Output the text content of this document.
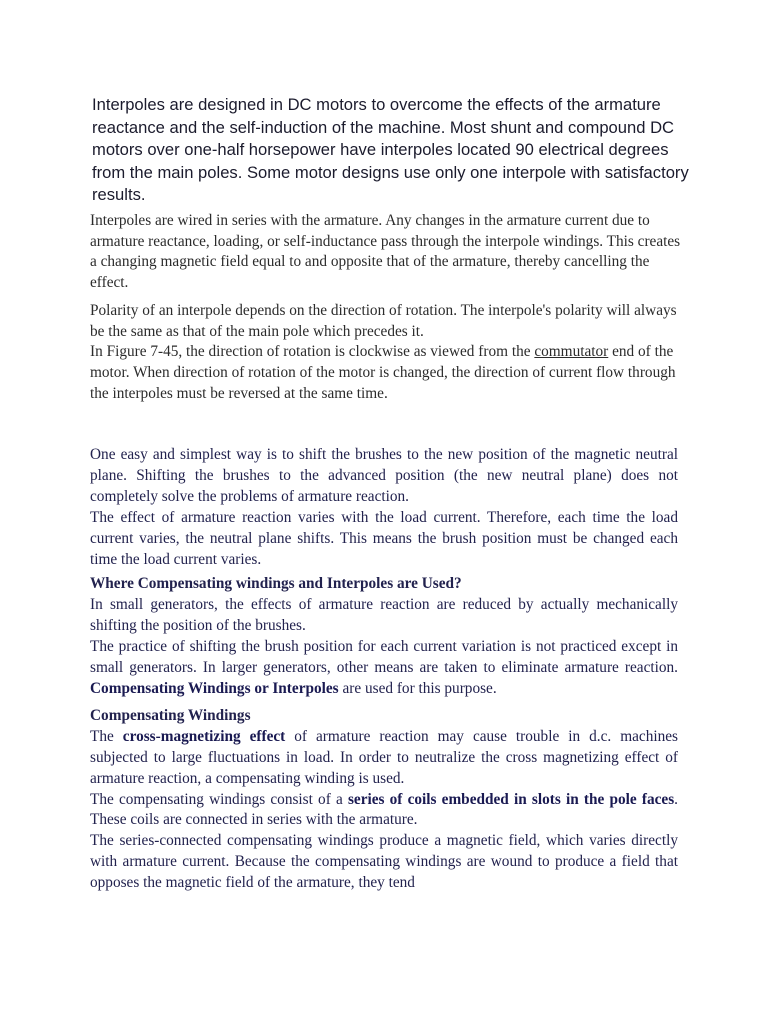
Interpoles are designed in DC motors to overcome the effects of the armature reactance and the self-induction of the machine. Most shunt and compound DC motors over one-half horsepower have interpoles located 90 electrical degrees from the main poles. Some motor designs use only one interpole with satisfactory results.

Interpoles are wired in series with the armature. Any changes in the armature current due to armature reactance, loading, or self-inductance pass through the interpole windings. This creates a changing magnetic field equal to and opposite that of the armature, thereby cancelling the effect.

Polarity of an interpole depends on the direction of rotation. The interpole's polarity will always be the same as that of the main pole which precedes it.

In Figure 7-45, the direction of rotation is clockwise as viewed from the commutator end of the motor. When direction of rotation of the motor is changed, the direction of current flow through the interpoles must be reversed at the same time.

One easy and simplest way is to shift the brushes to the new position of the magnetic neutral plane. Shifting the brushes to the advanced position (the new neutral plane) does not completely solve the problems of armature reaction.

The effect of armature reaction varies with the load current. Therefore, each time the load current varies, the neutral plane shifts. This means the brush position must be changed each time the load current varies.

Where Compensating windings and Interpoles are Used?

In small generators, the effects of armature reaction are reduced by actually mechanically shifting the position of the brushes.

The practice of shifting the brush position for each current variation is not practiced except in small generators. In larger generators, other means are taken to eliminate armature reaction. Compensating Windings or Interpoles are used for this purpose.

Compensating Windings

The cross-magnetizing effect of armature reaction may cause trouble in d.c. machines subjected to large fluctuations in load. In order to neutralize the cross magnetizing effect of armature reaction, a compensating winding is used.

The compensating windings consist of a series of coils embedded in slots in the pole faces. These coils are connected in series with the armature.

The series-connected compensating windings produce a magnetic field, which varies directly with armature current. Because the compensating windings are wound to produce a field that opposes the magnetic field of the armature, they tend
